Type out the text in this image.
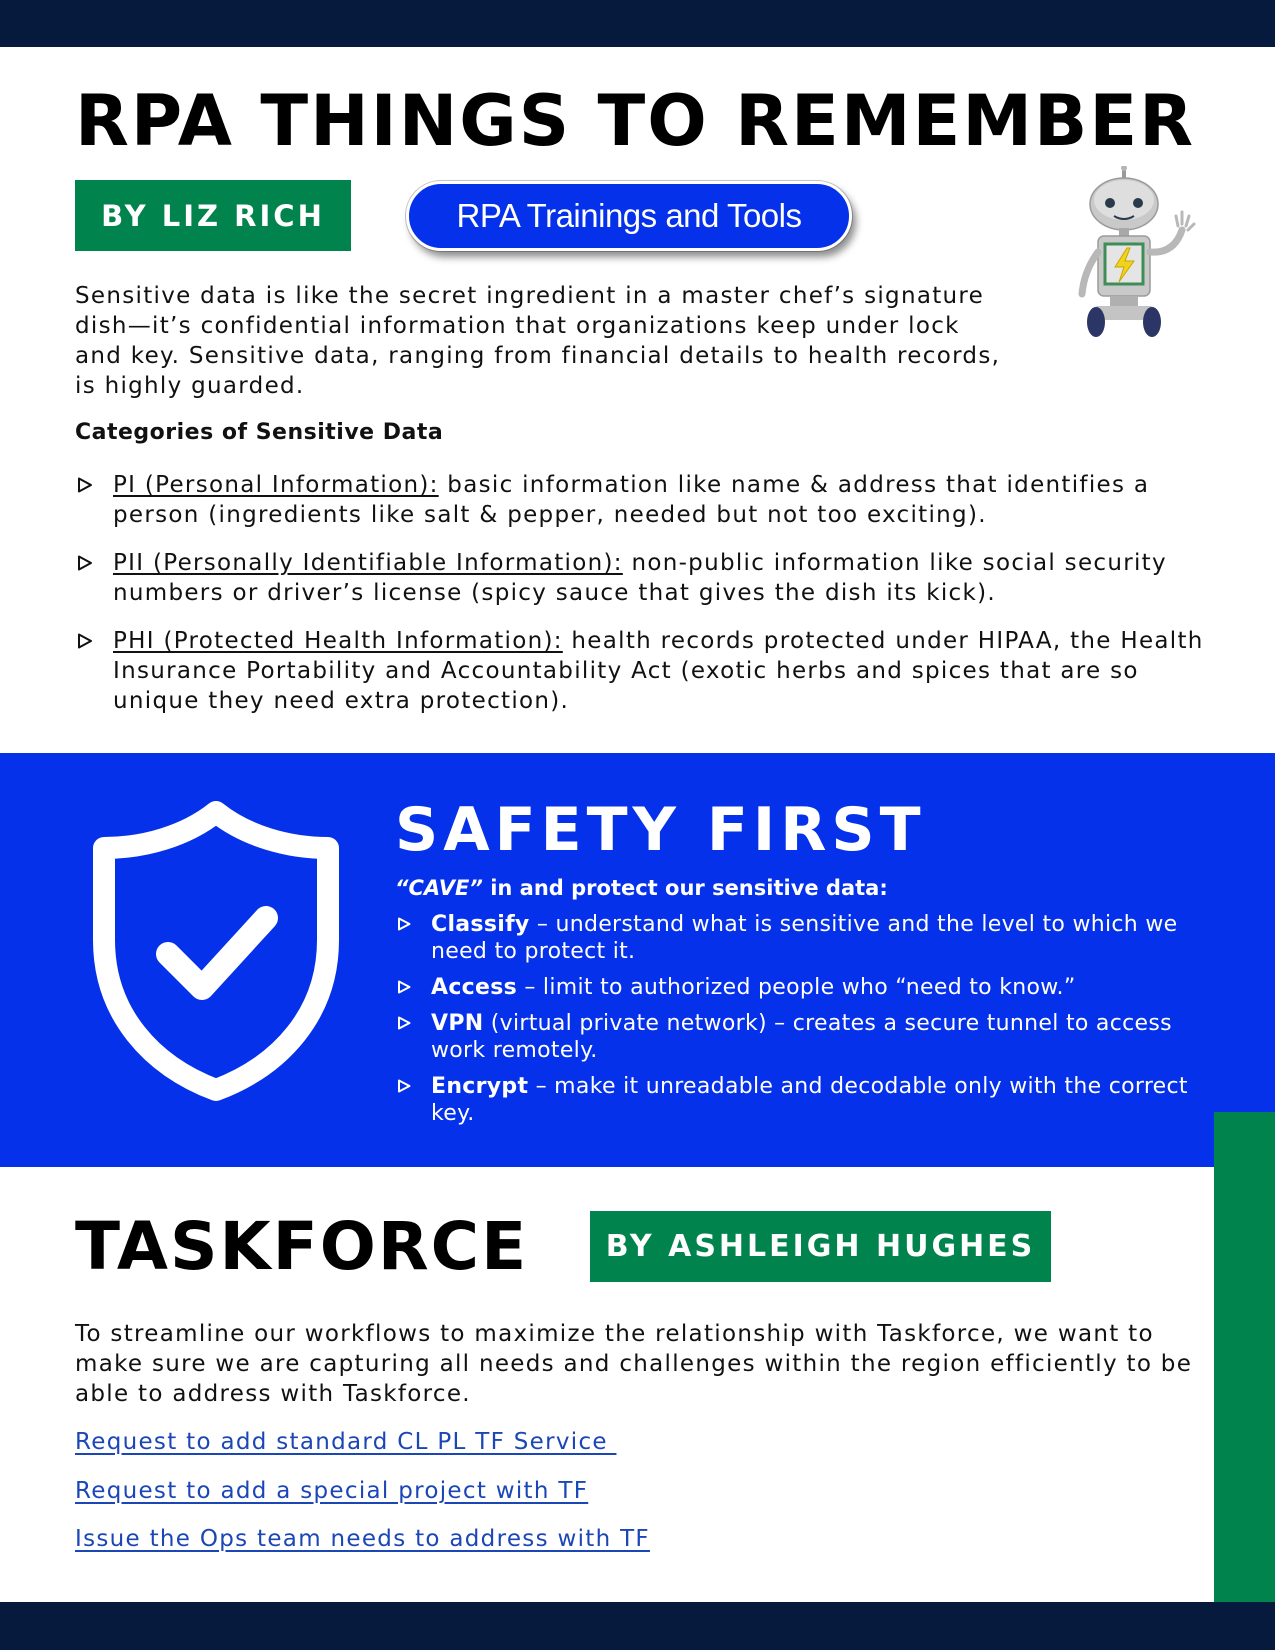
RPA THINGS TO REMEMBER
BY LIZ RICH	RPA Trainings and Tools

Sensitive data is like the secret ingredient in a master chef’s signature dish—it’s confidential information that organizations keep under lock and key. Sensitive data, ranging from financial details to health records, is highly guarded.

Categories of Sensitive Data
PI (Personal Information): basic information like name & address that identifies a person (ingredients like salt & pepper, needed but not too exciting).
PII (Personally Identifiable Information): non-public information like social security numbers or driver’s license (spicy sauce that gives the dish its kick).
PHI (Protected Health Information): health records protected under HIPAA, the Health Insurance Portability and Accountability Act (exotic herbs and spices that are so unique they need extra protection).
SAFETY FIRST

“CAVE” in and protect our sensitive data:

Classify – understand what is sensitive and the level to which we need to protect it.
Access – limit to authorized people who “need to know.”
VPN (virtual private network) – creates a secure tunnel to access work remotely.
Encrypt – make it unreadable and decodable only with the correct key.
TASKFORCE	BY ASHLEIGH HUGHES

To streamline our workflows to maximize the relationship with Taskforce, we want to make sure we are capturing all needs and challenges within the region efficiently to be able to address with Taskforce.

Request to add standard CL PL TF Service
Request to add a special project with TF
Issue the Ops team needs to address with TF
